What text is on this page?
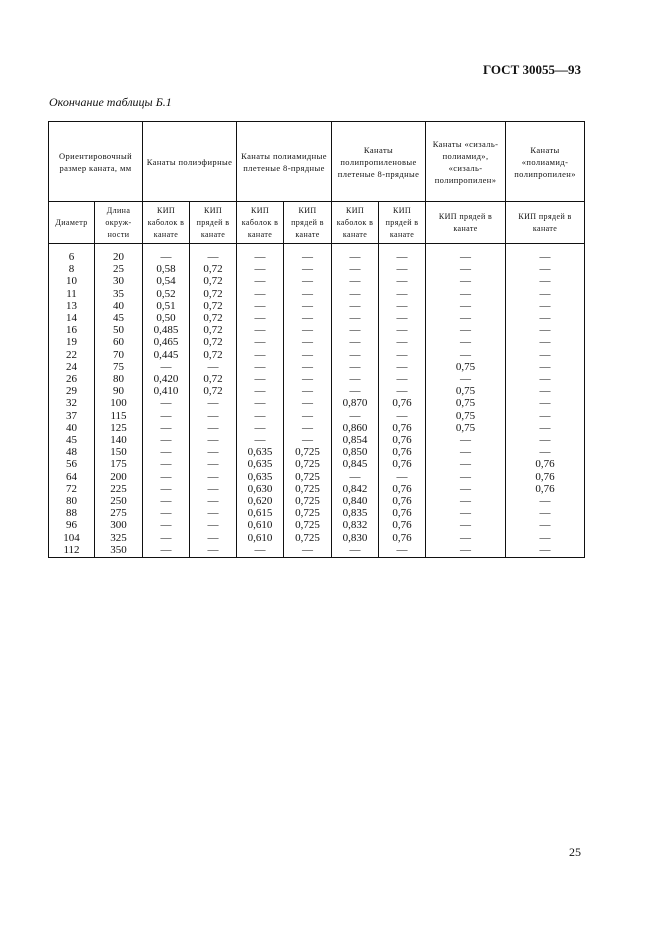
ГОСТ 30055—93
Окончание таблицы Б.1
Ориентировочный размер каната, мм		Канаты полиэфирные		Канаты полиамидные плетеные 8-прядные		Канаты полипропиленовые плетеные 8-прядные		Канаты «сизаль-полиамид», «сизаль-полипропилен»	Канаты «полиамид-полипропилен»
Диаметр	Длина окруж-ности	КИП каболок в канате	КИП прядей в канате	КИП каболок в канате	КИП прядей в канате	КИП каболок в канате	КИП прядей в канате	КИП прядей в канате	КИП прядей в канате
6	20	—	—	—	—	—	—	—	—
8	25	0,58	0,72	—	—	—	—	—	—
10	30	0,54	0,72	—	—	—	—	—	—
11	35	0,52	0,72	—	—	—	—	—	—
13	40	0,51	0,72	—	—	—	—	—	—
14	45	0,50	0,72	—	—	—	—	—	—
16	50	0,485	0,72	—	—	—	—	—	—
19	60	0,465	0,72	—	—	—	—	—	—
22	70	0,445	0,72	—	—	—	—	—	—
24	75	—	—	—	—	—	—	0,75	—
26	80	0,420	0,72	—	—	—	—	—	—
29	90	0,410	0,72	—	—	—	—	0,75	—
32	100	—	—	—	—	0,870	0,76	0,75	—
37	115	—	—	—	—	—	—	0,75	—
40	125	—	—	—	—	0,860	0,76	0,75	—
45	140	—	—	—	—	0,854	0,76	—	—
48	150	—	—	0,635	0,725	0,850	0,76	—	—
56	175	—	—	0,635	0,725	0,845	0,76	—	0,76
64	200	—	—	0,635	0,725	—	—	—	0,76
72	225	—	—	0,630	0,725	0,842	0,76	—	0,76
80	250	—	—	0,620	0,725	0,840	0,76	—	—
88	275	—	—	0,615	0,725	0,835	0,76	—	—
96	300	—	—	0,610	0,725	0,832	0,76	—	—
104	325	—	—	0,610	0,725	0,830	0,76	—	—
112	350	—	—	—	—	—	—	—	—
25
